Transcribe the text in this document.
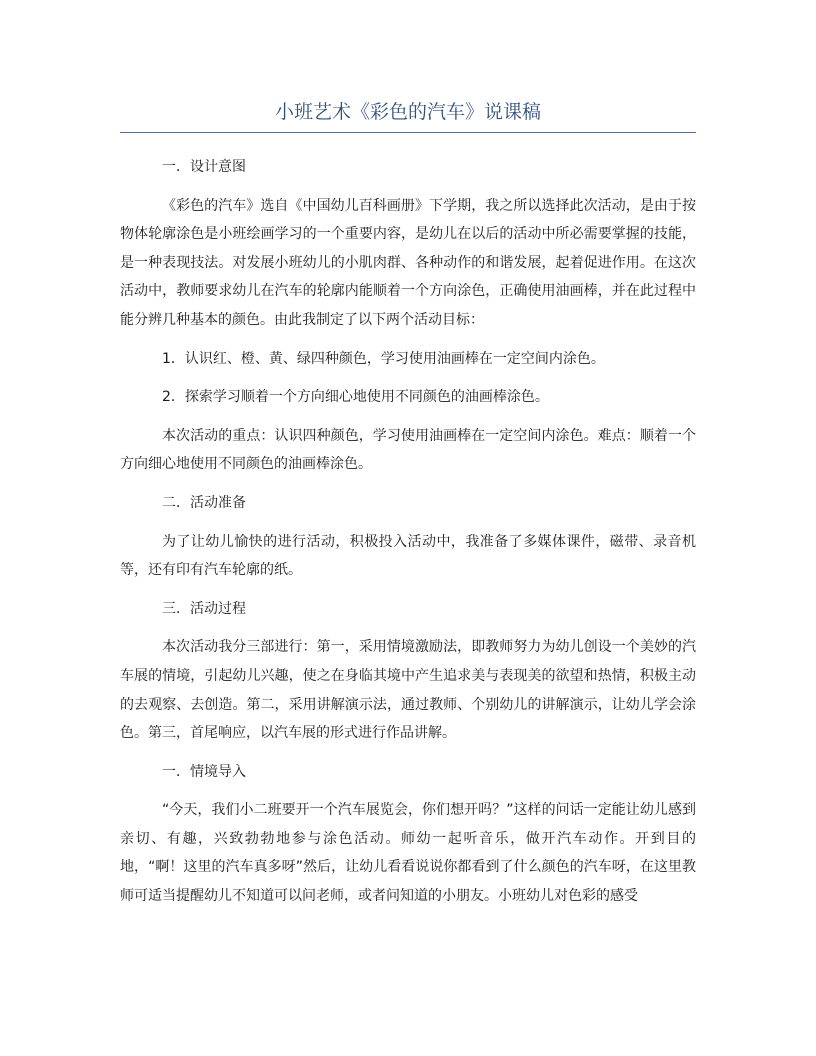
小班艺术《彩色的汽车》说课稿

一．设计意图

《彩色的汽车》选自《中国幼儿百科画册》下学期，我之所以选择此次活动，是由于按物体轮廓涂色是小班绘画学习的一个重要内容，是幼儿在以后的活动中所必需要掌握的技能，是一种表现技法。对发展小班幼儿的小肌肉群、各种动作的和谐发展，起着促进作用。在这次活动中，教师要求幼儿在汽车的轮廓内能顺着一个方向涂色，正确使用油画棒，并在此过程中能分辨几种基本的颜色。由此我制定了以下两个活动目标：

1．认识红、橙、黄、绿四种颜色，学习使用油画棒在一定空间内涂色。

2．探索学习顺着一个方向细心地使用不同颜色的油画棒涂色。

本次活动的重点：认识四种颜色，学习使用油画棒在一定空间内涂色。难点：顺着一个方向细心地使用不同颜色的油画棒涂色。

二．活动准备

为了让幼儿愉快的进行活动，积极投入活动中，我准备了多媒体课件，磁带、录音机等，还有印有汽车轮廓的纸。

三．活动过程

本次活动我分三部进行：第一，采用情境激励法，即教师努力为幼儿创设一个美妙的汽车展的情境，引起幼儿兴趣，使之在身临其境中产生追求美与表现美的欲望和热情，积极主动的去观察、去创造。第二，采用讲解演示法，通过教师、个别幼儿的讲解演示，让幼儿学会涂色。第三，首尾响应，以汽车展的形式进行作品讲解。

一．情境导入

“今天，我们小二班要开一个汽车展览会，你们想开吗？”这样的问话一定能让幼儿感到亲切、有趣，兴致勃勃地参与涂色活动。师幼一起听音乐，做开汽车动作。开到目的地，“啊！这里的汽车真多呀”然后，让幼儿看看说说你都看到了什么颜色的汽车呀，在这里教师可适当提醒幼儿不知道可以问老师，或者问知道的小朋友。小班幼儿对色彩的感受
